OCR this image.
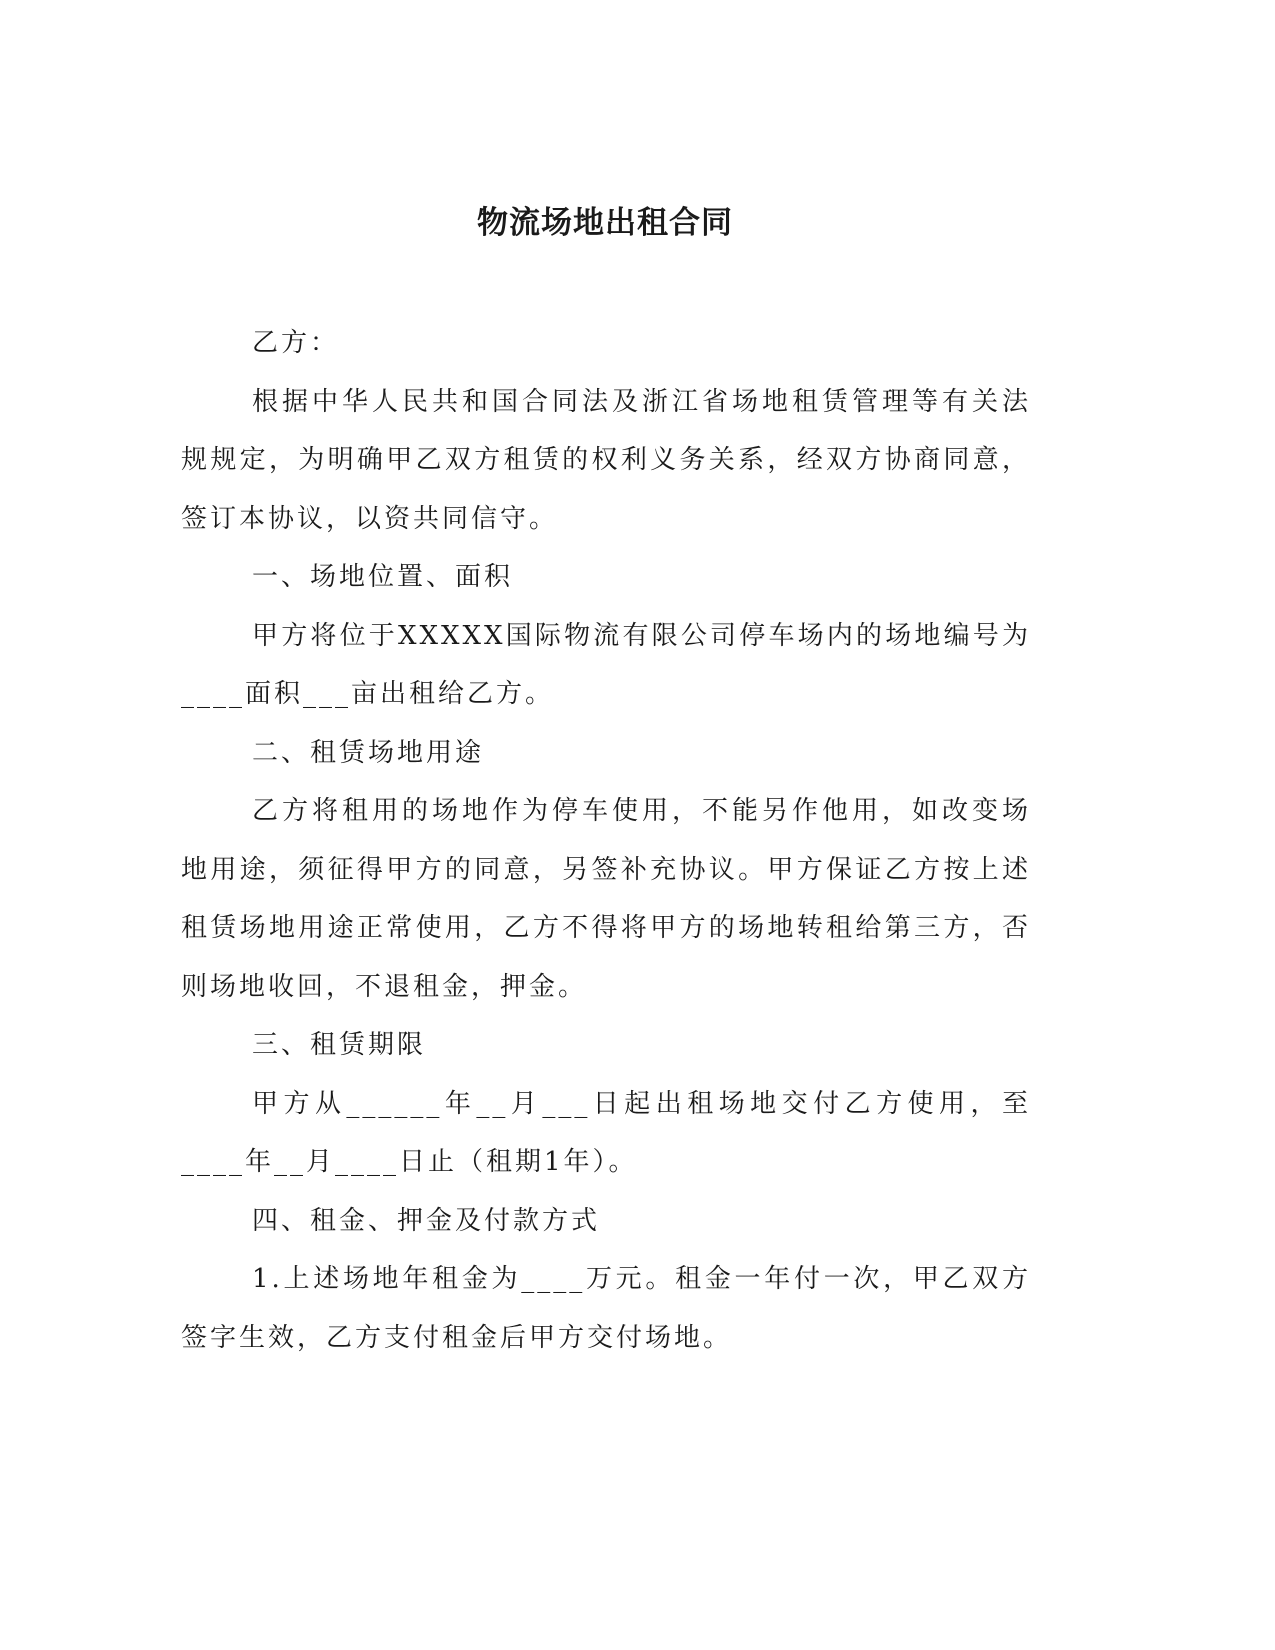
物流场地出租合同

乙方：

根据中华人民共和国合同法及浙江省场地租赁管理等有关法规规定，为明确甲乙双方租赁的权利义务关系，经双方协商同意，签订本协议，以资共同信守。

一、场地位置、面积

甲方将位于XXXXX国际物流有限公司停车场内的场地编号为____面积___亩出租给乙方。

二、租赁场地用途

乙方将租用的场地作为停车使用，不能另作他用，如改变场地用途，须征得甲方的同意，另签补充协议。甲方保证乙方按上述租赁场地用途正常使用，乙方不得将甲方的场地转租给第三方，否则场地收回，不退租金，押金。

三、租赁期限

甲方从______年__月___日起出租场地交付乙方使用，至____年__月____日止（租期1年）。

四、租金、押金及付款方式

1.上述场地年租金为____万元。租金一年付一次，甲乙双方签字生效，乙方支付租金后甲方交付场地。
